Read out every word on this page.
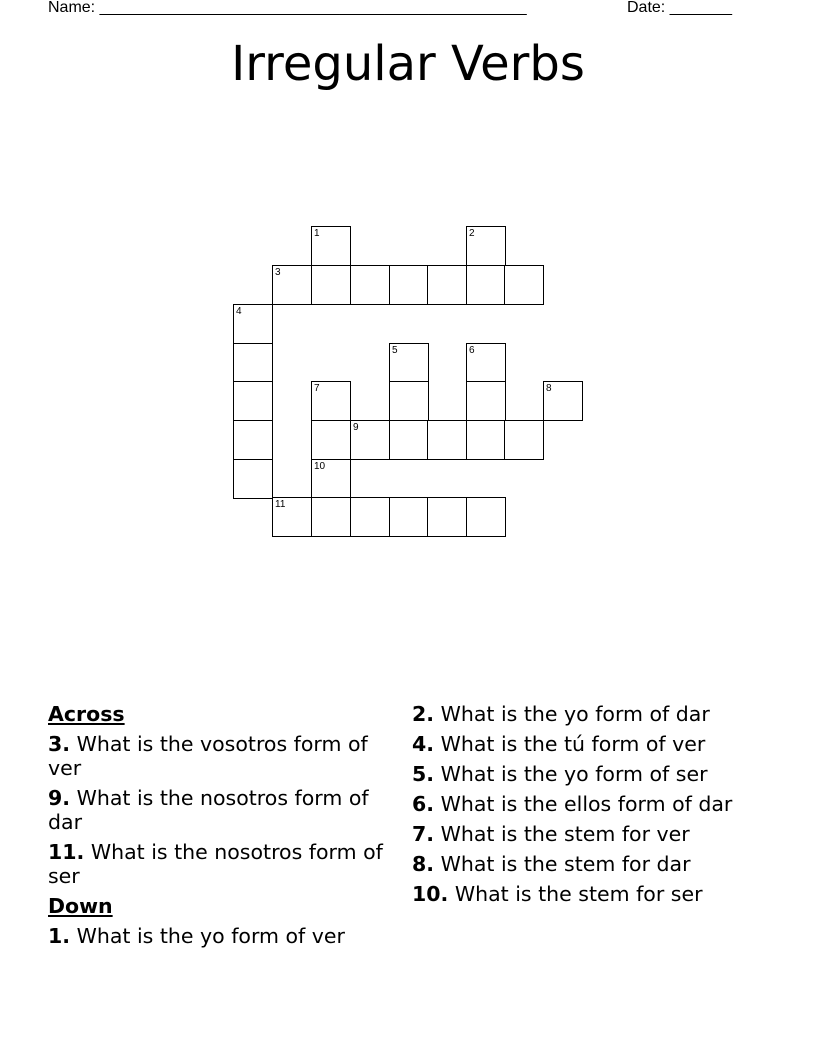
Name: ________________________________________________	Date: _______
Irregular Verbs
1	2
3
4
5	6
7	8
9
10
11

Across

3. What is the vosotros form of ver

9. What is the nosotros form of dar

11. What is the nosotros form of ser

Down

1. What is the yo form of ver

2. What is the yo form of dar

4. What is the tú form of ver

5. What is the yo form of ser

6. What is the ellos form of dar

7. What is the stem for ver

8. What is the stem for dar

10. What is the stem for ser
